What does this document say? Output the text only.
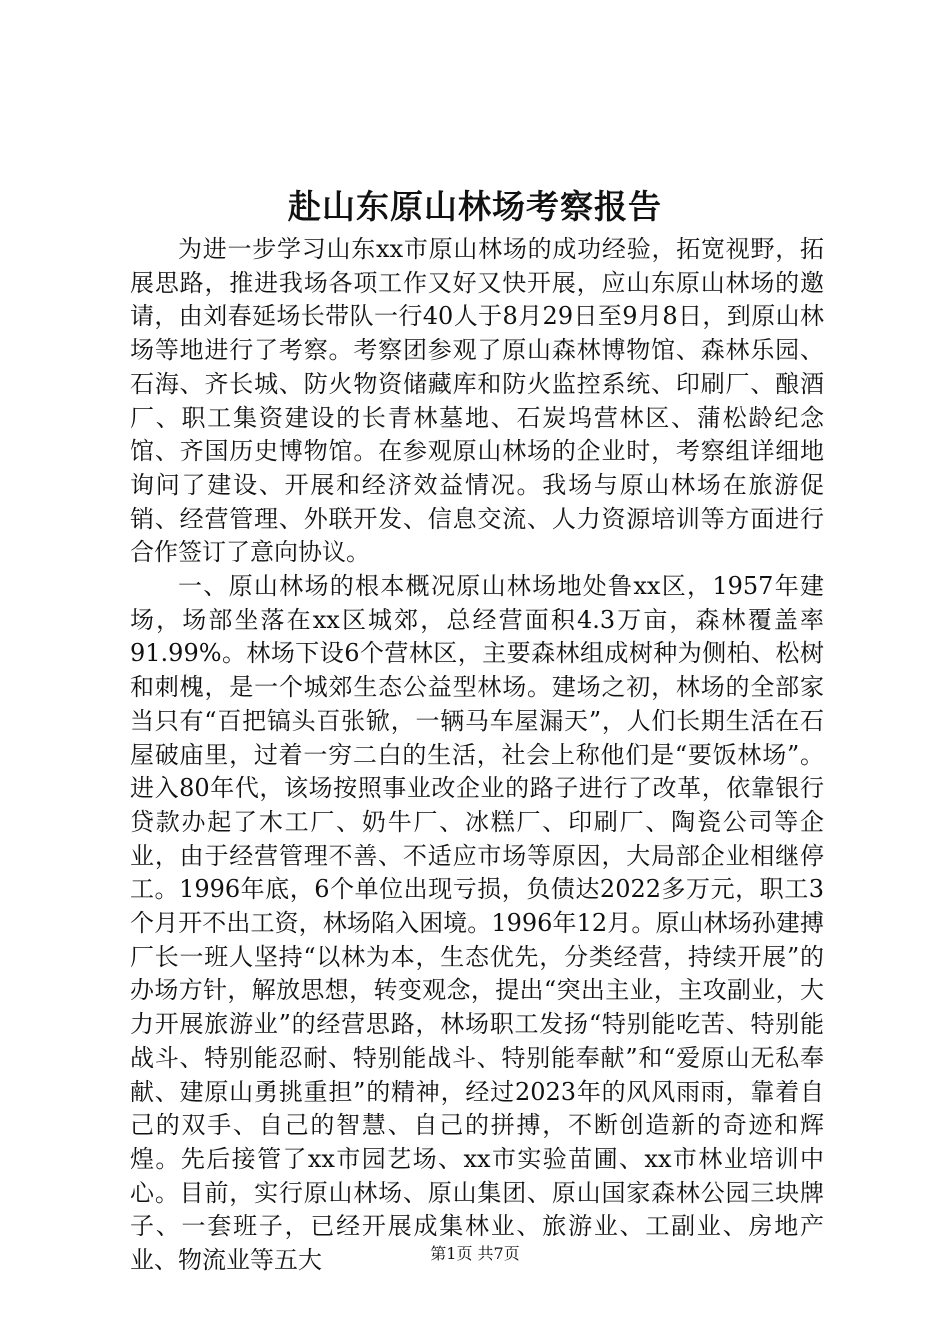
赴山东原山林场考察报告

为进一步学习山东xx市原山林场的成功经验，拓宽视野，拓展思路，推进我场各项工作又好又快开展，应山东原山林场的邀请，由刘春延场长带队一行40人于8月29日至9月8日，到原山林场等地进行了考察。考察团参观了原山森林博物馆、森林乐园、石海、齐长城、防火物资储藏库和防火监控系统、印刷厂、酿酒厂、职工集资建设的长青林墓地、石炭坞营林区、蒲松龄纪念馆、齐国历史博物馆。在参观原山林场的企业时，考察组详细地询问了建设、开展和经济效益情况。我场与原山林场在旅游促销、经营管理、外联开发、信息交流、人力资源培训等方面进行合作签订了意向协议。

一、原山林场的根本概况原山林场地处鲁xx区，1957年建场，场部坐落在xx区城郊，总经营面积4.3万亩，森林覆盖率91.99%。林场下设6个营林区，主要森林组成树种为侧柏、松树和刺槐，是一个城郊生态公益型林场。建场之初，林场的全部家当只有“百把镐头百张锨，一辆马车屋漏天”，人们长期生活在石屋破庙里，过着一穷二白的生活，社会上称他们是“要饭林场”。进入80年代，该场按照事业改企业的路子进行了改革，依靠银行贷款办起了木工厂、奶牛厂、冰糕厂、印刷厂、陶瓷公司等企业，由于经营管理不善、不适应市场等原因，大局部企业相继停工。1996年底，6个单位出现亏损，负债达2022多万元，职工3个月开不出工资，林场陷入困境。1996年12月。原山林场孙建搏厂长一班人坚持“以林为本，生态优先，分类经营，持续开展”的办场方针，解放思想，转变观念，提出“突出主业，主攻副业，大力开展旅游业”的经营思路，林场职工发扬“特别能吃苦、特别能战斗、特别能忍耐、特别能战斗、特别能奉献”和“爱原山无私奉献、建原山勇挑重担”的精神，经过2023年的风风雨雨，靠着自己的双手、自己的智慧、自己的拼搏，不断创造新的奇迹和辉煌。先后接管了xx市园艺场、xx市实验苗圃、xx市林业培训中心。目前，实行原山林场、原山集团、原山国家森林公园三块牌子、一套班子，已经开展成集林业、旅游业、工副业、房地产业、物流业等五大	第1页 共7页
